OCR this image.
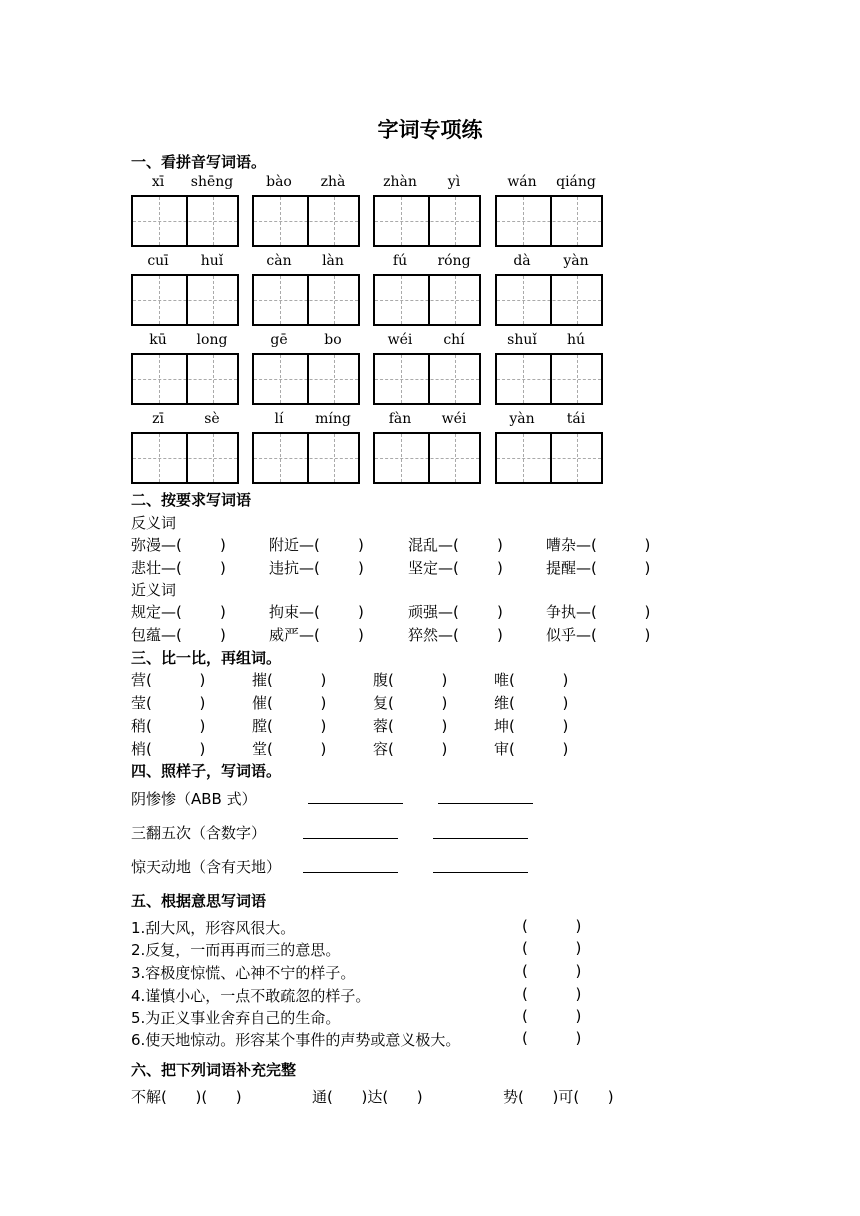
字词专项练
一、看拼音写词语。
xī	shēng	bào	zhà	zhàn	yì	wán	qiáng
cuī	huǐ	càn	làn	fú	róng	dà	yàn
kū	long	gē	bo	wéi	chí	shuǐ	hú
zī	sè	lí	míng	fàn	wéi	yàn	tái
二、按要求写词语
反义词
近义词
弥漫—(        )	附近—(        )	混乱—(        )	嘈杂—(          )
悲壮—(        )	违抗—(        )	坚定—(        )	提醒—(          )
规定—(        )	拘束—(        )	顽强—(        )	争执—(          )
包蕴—(        )	威严—(        )	猝然—(        )	似乎—(          )
三、比一比，再组词。
营(          )	摧(          )	腹(          )	唯(          )
莹(          )	催(          )	复(          )	维(          )
稍(          )	膛(          )	蓉(          )	坤(          )
梢(          )	堂(          )	容(          )	审(          )
四、照样子，写词语。
阴惨惨（ABB 式）
三翻五次（含数字）
惊天动地（含有天地）
五、根据意思写词语
1.刮大风，形容风很大。	(          )
2.反复，一而再再而三的意思。	(          )
3.容极度惊慌、心神不宁的样子。	(          )
4.谨慎小心，一点不敢疏忽的样子。	(          )
5.为正义事业舍弃自己的生命。	(          )
6.使天地惊动。形容某个事件的声势或意义极大。	(          )
六、把下列词语补充完整
不解(      )(      )	通(      )达(      )	势(      )可(      )
